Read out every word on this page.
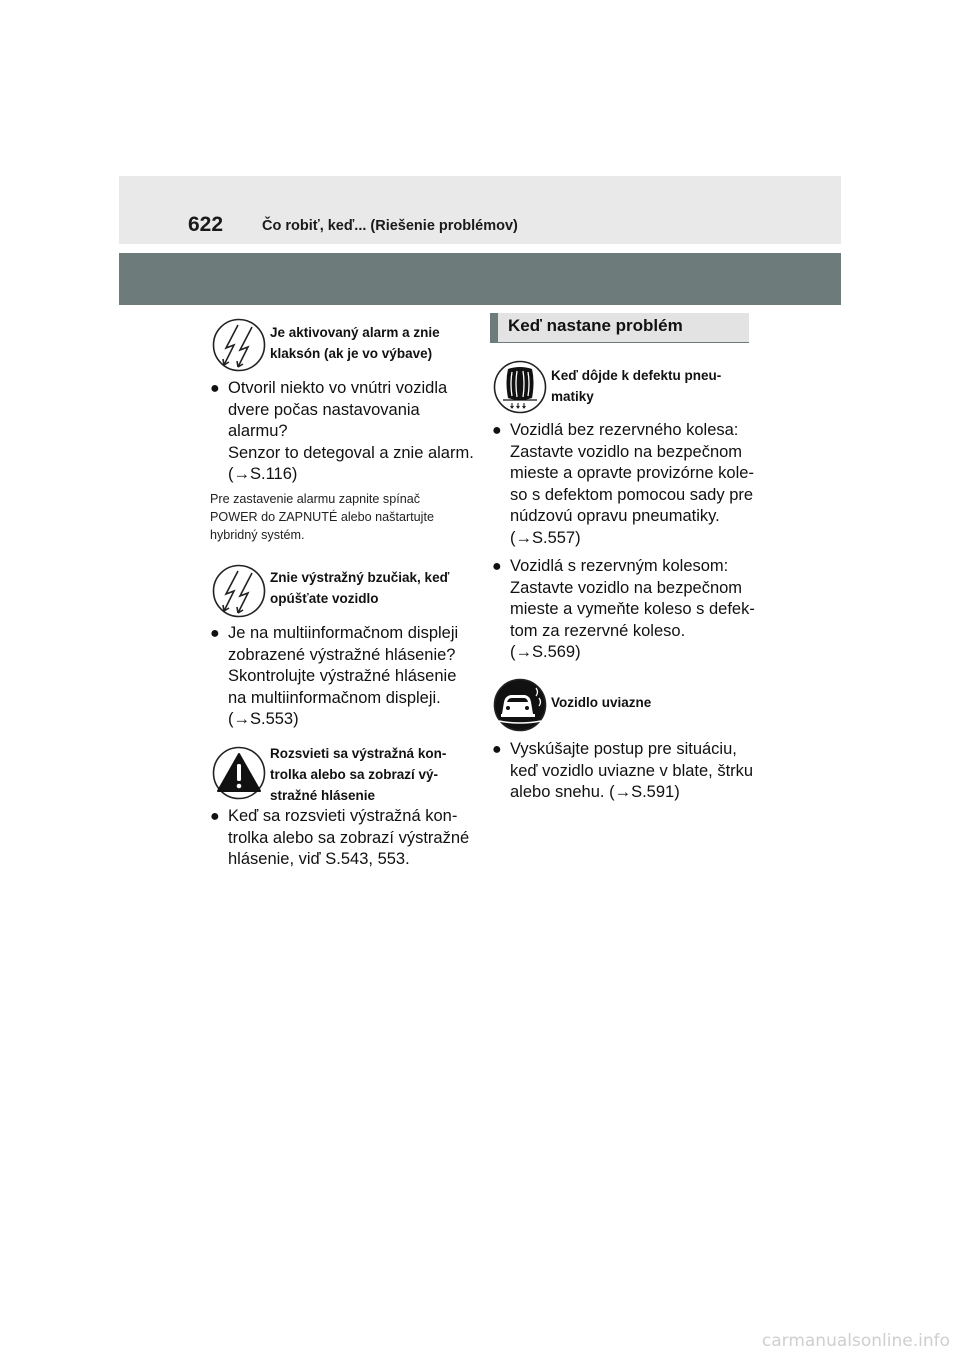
622	Čo robiť, keď... (Riešenie problémov)
Je aktivovaný alarm a znie
klaksón (ak je vo výbave)
● Otvoril niekto vo vnútri vozidla
dvere počas nastavovania
alarmu?
Senzor to detegoval a znie alarm.
(→S.116)
Pre zastavenie alarmu zapnite spínač
POWER do ZAPNUTÉ alebo naštartujte
hybridný systém.
Znie výstražný bzučiak, keď
opúšťate vozidlo
● Je na multiinformačnom displeji
zobrazené výstražné hlásenie?
Skontrolujte výstražné hlásenie
na multiinformačnom displeji.
(→S.553)
Rozsvieti sa výstražná kon-
trolka alebo sa zobrazí vý-
stražné hlásenie
● Keď sa rozsvieti výstražná kon-
trolka alebo sa zobrazí výstražné
hlásenie, viď S.543, 553.
Keď nastane problém
Keď dôjde k defektu pneu-
matiky
● Vozidlá bez rezervného kolesa:
Zastavte vozidlo na bezpečnom
mieste a opravte provizórne kole-
so s defektom pomocou sady pre
núdzovú opravu pneumatiky.
(→S.557)
● Vozidlá s rezervným kolesom:
Zastavte vozidlo na bezpečnom
mieste a vymeňte koleso s defek-
tom za rezervné koleso.
(→S.569)
Vozidlo uviazne
● Vyskúšajte postup pre situáciu,
keď vozidlo uviazne v blate, štrku
alebo snehu. (→S.591)
carmanualsonline.info
